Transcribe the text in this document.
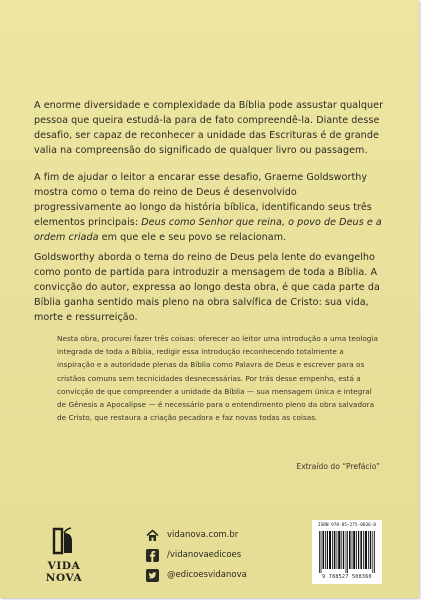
A enorme diversidade e complexidade da Bíblia pode assustar qualquer pessoa que queira estudá-la para de fato compreendê-la. Diante desse desafio, ser capaz de reconhecer a unidade das Escrituras é de grande valia na compreensão do significado de qualquer livro ou passagem.

A fim de ajudar o leitor a encarar esse desafio, Graeme Goldsworthy mostra como o tema do reino de Deus é desenvolvido progressivamente ao longo da história bíblica, identificando seus três elementos principais: Deus como Senhor que reina, o povo de Deus e a ordem criada em que ele e seu povo se relacionam.

Goldsworthy aborda o tema do reino de Deus pela lente do evangelho como ponto de partida para introduzir a mensagem de toda a Bíblia. A convicção do autor, expressa ao longo desta obra, é que cada parte da Bíblia ganha sentido mais pleno na obra salvífica de Cristo: sua vida, morte e ressurreição.

Nesta obra, procurei fazer três coisas: oferecer ao leitor uma introdução a uma teologia integrada de toda a Bíblia, redigir essa introdução reconhecendo totalmente a inspiração e a autoridade plenas da Bíblia como Palavra de Deus e escrever para os cristãos comuns sem tecnicidades desnecessárias. Por trás desse empenho, está a convicção de que compreender a unidade da Bíblia — sua mensagem única e integral de Gênesis a Apocalipse — é necessário para o entendimento pleno da obra salvadora de Cristo, que restaura a criação pecadora e faz novas todas as coisas.

Extraído do “Prefácio”
VIDA NOVA
vidanova.com.br
/vidanovaedicoes
@edicoesvidanova
ISBN 978-85-275-0836-0
9 788527 508360
